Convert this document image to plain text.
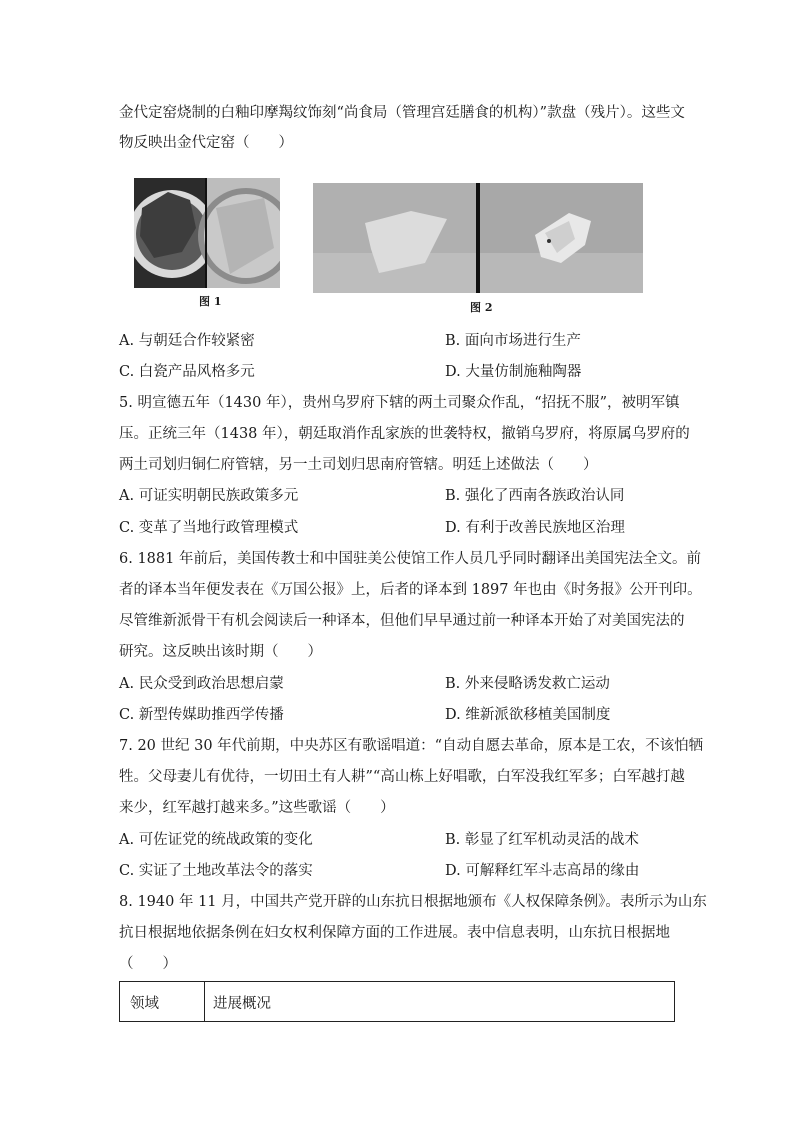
金代定窑烧制的白釉印摩羯纹饰刻“尚食局（管理宫廷膳食的机构）”款盘（残片）。这些文
物反映出金代定窑（　　）
图 1	图 2
A. 与朝廷合作较紧密	B. 面向市场进行生产
C. 白瓷产品风格多元	D. 大量仿制施釉陶器
5. 明宣德五年（1430 年），贵州乌罗府下辖的两土司聚众作乱，“招抚不服”，被明军镇
压。正统三年（1438 年），朝廷取消作乱家族的世袭特权，撤销乌罗府，将原属乌罗府的
两土司划归铜仁府管辖，另一土司划归思南府管辖。明廷上述做法（　　）
A. 可证实明朝民族政策多元	B. 强化了西南各族政治认同
C. 变革了当地行政管理模式	D. 有利于改善民族地区治理
6. 1881 年前后，美国传教士和中国驻美公使馆工作人员几乎同时翻译出美国宪法全文。前
者的译本当年便发表在《万国公报》上，后者的译本到 1897 年也由《时务报》公开刊印。
尽管维新派骨干有机会阅读后一种译本，但他们早早通过前一种译本开始了对美国宪法的
研究。这反映出该时期（　　）
A. 民众受到政治思想启蒙	B. 外来侵略诱发救亡运动
C. 新型传媒助推西学传播	D. 维新派欲移植美国制度
7. 20 世纪 30 年代前期，中央苏区有歌谣唱道：“自动自愿去革命，原本是工农，不该怕牺
牲。父母妻儿有优待，一切田土有人耕”“高山栋上好唱歌，白军没我红军多；白军越打越
来少，红军越打越来多。”这些歌谣（　　）
A. 可佐证党的统战政策的变化	B. 彰显了红军机动灵活的战术
C. 实证了土地改革法令的落实	D. 可解释红军斗志高昂的缘由
8. 1940 年 11 月，中国共产党开辟的山东抗日根据地颁布《人权保障条例》。表所示为山东
抗日根据地依据条例在妇女权利保障方面的工作进展。表中信息表明，山东抗日根据地
（　　）
领域	进展概况
